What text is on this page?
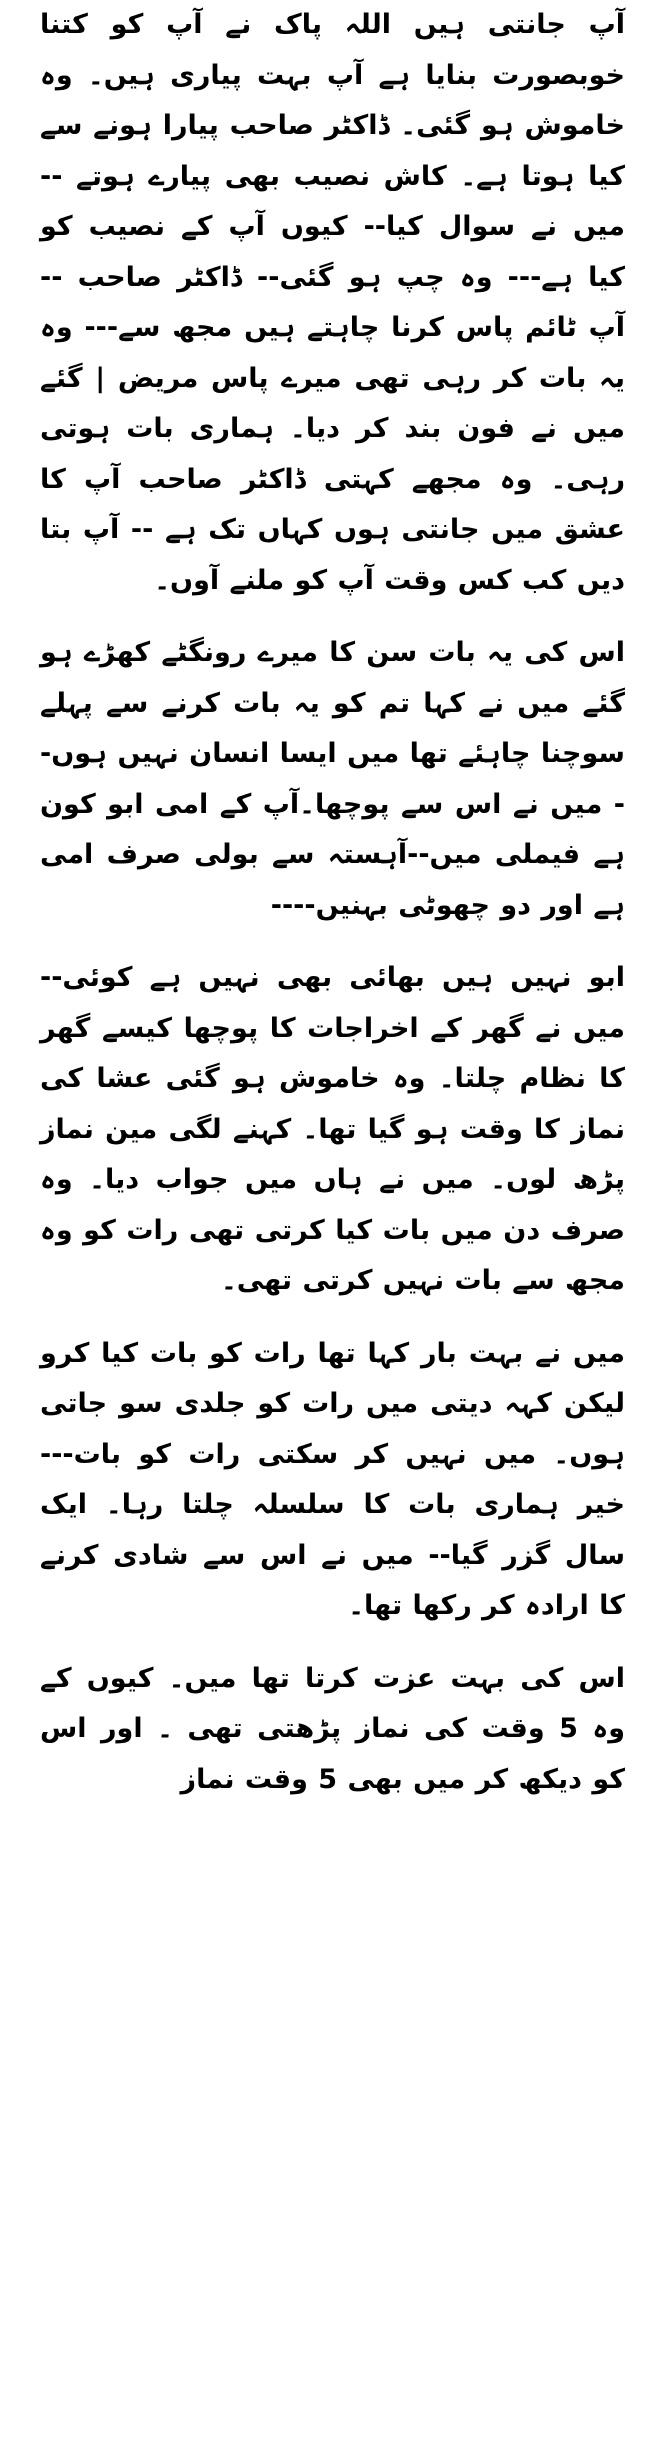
آپ جانتی ہیں اللہ پاک نے آپ کو کتنا خوبصورت بنایا ہے آپ بہت پیاری ہیں۔ وہ خاموش ہو گئی۔ ڈاکٹر صاحب پیارا ہونے سے کیا ہوتا ہے۔ کاش نصیب بھی پیارے ہوتے -- میں نے سوال کیا-- کیوں آپ کے نصیب کو کیا ہے--- وہ چپ ہو گئی-- ڈاکٹر صاحب -- آپ ٹائم پاس کرنا چاہتے ہیں مجھ سے--- وہ یہ بات کر رہی تھی میرے پاس مریض | گئے میں نے فون بند کر دیا۔ ہماری بات ہوتی رہی۔ وہ مجھے کہتی ڈاکٹر صاحب آپ کا عشق میں جانتی ہوں کہاں تک ہے -- آپ بتا دیں کب کس وقت آپ کو ملنے آوں۔

اس کی یہ بات سن کا میرے رونگٹے کھڑے ہو گئے میں نے کہا تم کو یہ بات کرنے سے پہلے سوچنا چاہئے تھا میں ایسا انسان نہیں ہوں-- میں نے اس سے پوچھا۔آپ کے امی ابو کون ہے فیملی میں--آہستہ سے بولی صرف امی ہے اور دو چھوٹی بہنیں----

ابو نہیں ہیں بھائی بھی نہیں ہے کوئی-- میں نے گھر کے اخراجات کا پوچھا کیسے گھر کا نظام چلتا۔ وہ خاموش ہو گئی عشا کی نماز کا وقت ہو گیا تھا۔ کہنے لگی مین نماز پڑھ لوں۔ میں نے ہاں میں جواب دیا۔ وہ صرف دن میں بات کیا کرتی تھی رات کو وہ مجھ سے بات نہیں کرتی تھی۔

میں نے بہت بار کہا تھا رات کو بات کیا کرو لیکن کہہ دیتی میں رات کو جلدی سو جاتی ہوں۔ میں نہیں کر سکتی رات کو بات--- خیر ہماری بات کا سلسلہ چلتا رہا۔ ایک سال گزر گیا-- میں نے اس سے شادی کرنے کا ارادہ کر رکھا تھا۔

اس کی بہت عزت کرتا تھا میں۔ کیوں کے وہ 5 وقت کی نماز پڑھتی تھی ۔ اور اس کو دیکھ کر میں بھی 5 وقت نماز
